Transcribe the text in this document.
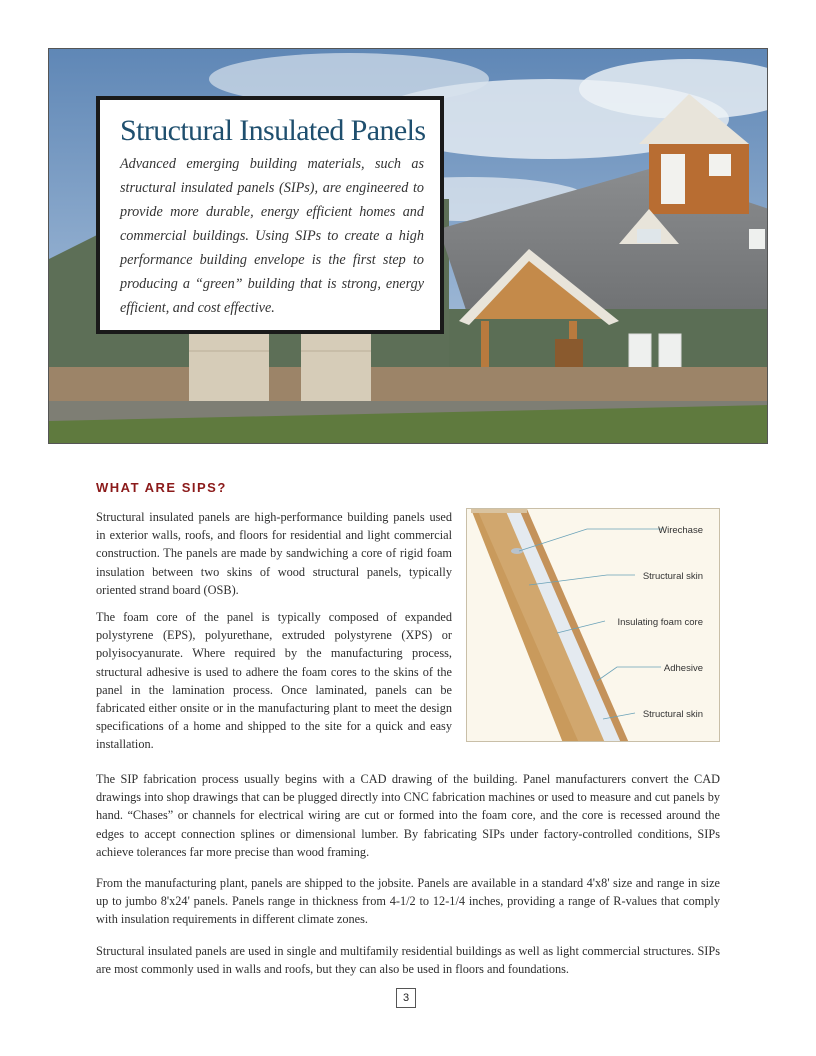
Structural Insulated Panels

Advanced emerging building materials, such as structural insulated panels (SIPs), are engineered to provide more durable, energy efficient homes and commercial buildings. Using SIPs to create a high performance building envelope is the first step to producing a “green” building that is strong, energy efficient, and cost effective.

WHAT ARE SIPS?

Structural insulated panels are high-performance building panels used in exterior walls, roofs, and floors for residential and light commercial construction. The panels are made by sandwiching a core of rigid foam insulation between two skins of wood structural panels, typically oriented strand board (OSB).

The foam core of the panel is typically composed of expanded polystyrene (EPS), polyurethane, extruded polystyrene (XPS) or polyisocyanurate. Where required by the manufacturing process, structural adhesive is used to adhere the foam cores to the skins of the panel in the lamination process. Once laminated, panels can be fabricated either onsite or in the manufacturing plant to meet the design specifications of a home and shipped to the site for a quick and easy installation.

Wirechase
Structural skin
Insulating foam core
Adhesive
Structural skin

The SIP fabrication process usually begins with a CAD drawing of the building. Panel manufacturers convert the CAD drawings into shop drawings that can be plugged directly into CNC fabrication machines or used to measure and cut panels by hand. “Chases” or channels for electrical wiring are cut or formed into the foam core, and the core is recessed around the edges to accept connection splines or dimensional lumber. By fabricating SIPs under factory-controlled conditions, SIPs achieve tolerances far more precise than wood framing.

From the manufacturing plant, panels are shipped to the jobsite. Panels are available in a standard 4'x8' size and range in size up to jumbo 8'x24' panels. Panels range in thickness from 4-1/2 to 12-1/4 inches, providing a range of R-values that comply with insulation requirements in different climate zones.

Structural insulated panels are used in single and multifamily residential buildings as well as light commercial structures. SIPs are most commonly used in walls and roofs, but they can also be used in floors and foundations.

3
